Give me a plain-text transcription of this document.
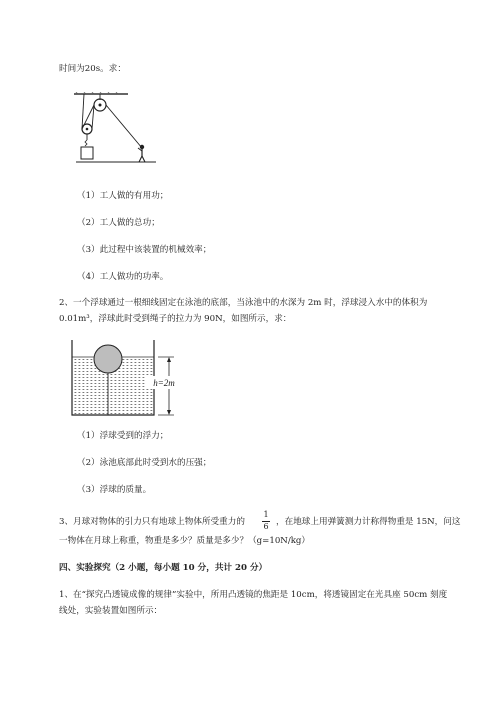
时间为20s。求：
（1）工人做的有用功；
（2）工人做的总功；
（3）此过程中该装置的机械效率；
（4）工人做功的功率。
2、一个浮球通过一根细线固定在泳池的底部，当泳池中的水深为 2m 时，浮球浸入水中的体积为
0.01m³，浮球此时受到绳子的拉力为 90N，如图所示，求：
h=2m
（1）浮球受到的浮力；
（2）泳池底部此时受到水的压强；
（3）浮球的质量。
3、月球对物体的引力只有地球上物体所受重力的
1
6 ，在地球上用弹簧测力计称得物重是 15N，问这
一物体在月球上称重，物重是多少？质量是多少？（g=10N/kg）
四、实验探究（2 小题，每小题 10 分，共计 20 分）
1、在“探究凸透镜成像的规律”实验中，所用凸透镜的焦距是 10cm，将透镜固定在光具座 50cm 刻度
线处，实验装置如图所示：
